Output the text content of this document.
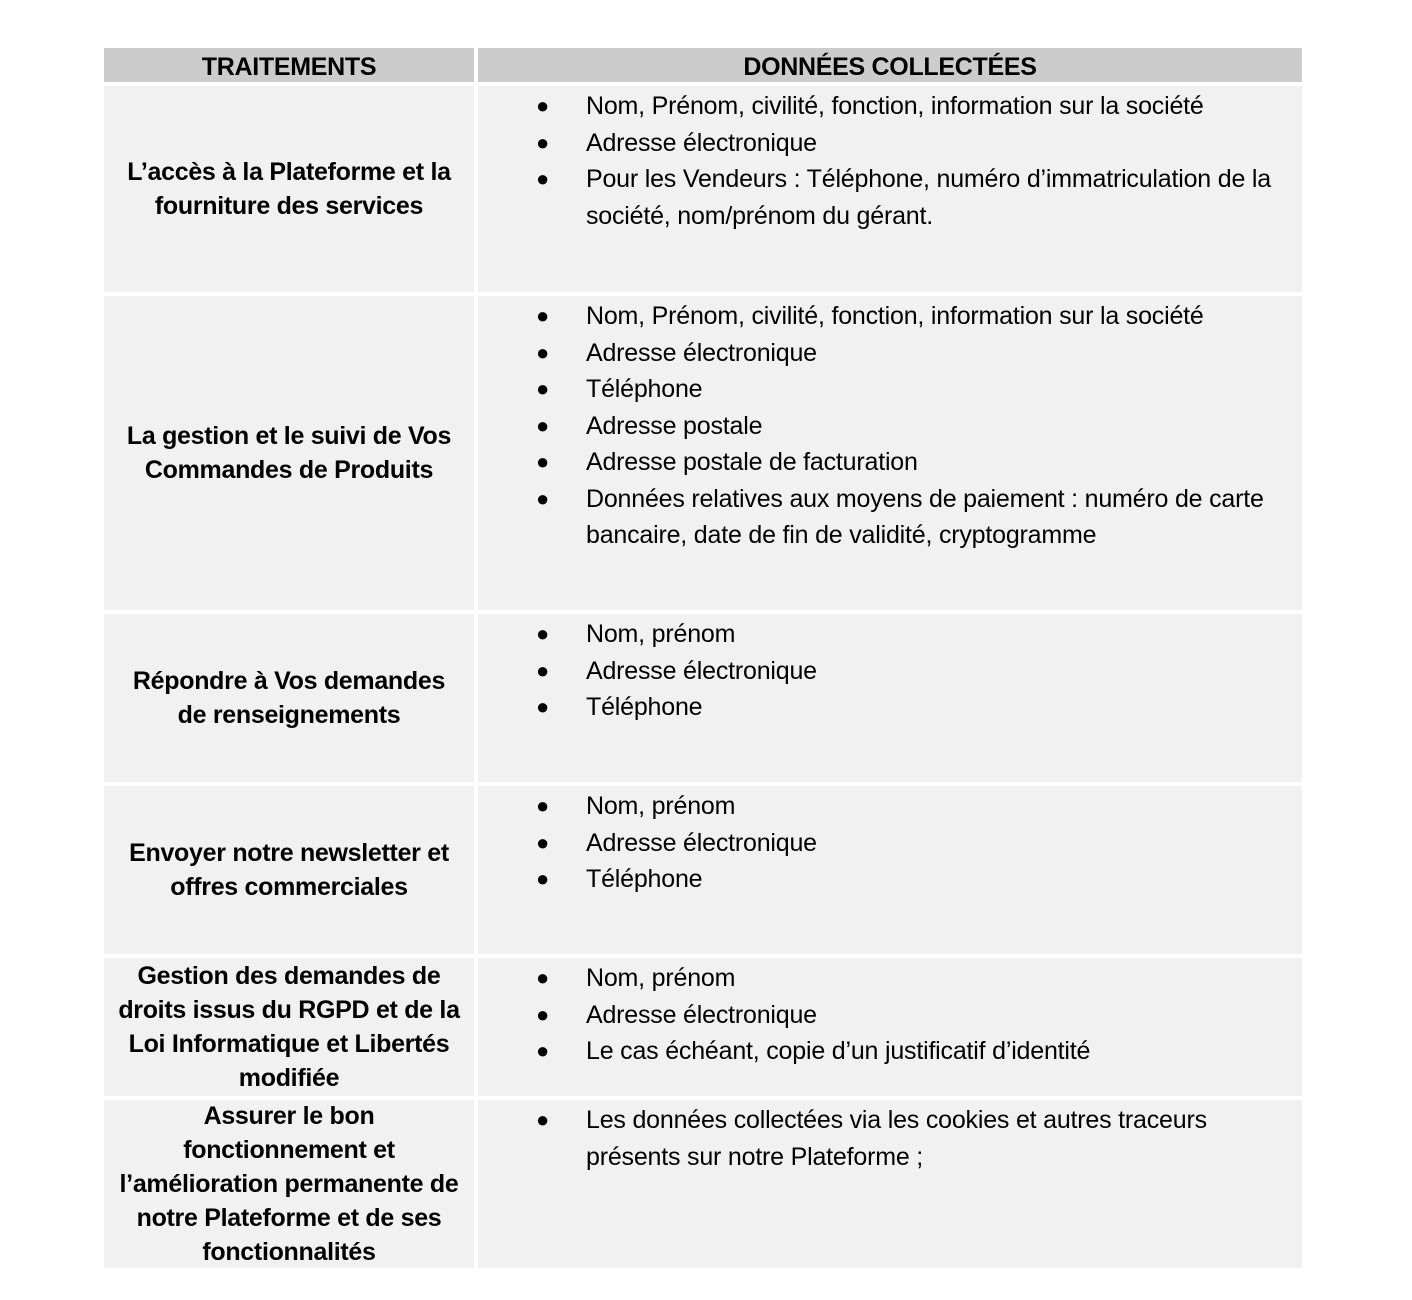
TRAITEMENTS	DONNÉES COLLECTÉES
L’accès à la Plateforme et la fourniture des services
●	Nom, Prénom, civilité, fonction, information sur la société
●	Adresse électronique
●	Pour les Vendeurs : Téléphone, numéro d’immatriculation de la société, nom/prénom du gérant.
La gestion et le suivi de Vos Commandes de Produits
●	Nom, Prénom, civilité, fonction, information sur la société
●	Adresse électronique
●	Téléphone
●	Adresse postale
●	Adresse postale de facturation
●	Données relatives aux moyens de paiement : numéro de carte bancaire, date de fin de validité, cryptogramme
Répondre à Vos demandes de renseignements
●	Nom, prénom
●	Adresse électronique
●	Téléphone
Envoyer notre newsletter et offres commerciales
●	Nom, prénom
●	Adresse électronique
●	Téléphone
Gestion des demandes de droits issus du RGPD et de la Loi Informatique et Libertés modifiée
●	Nom, prénom
●	Adresse électronique
●	Le cas échéant, copie d’un justificatif d’identité
Assurer le bon fonctionnement et l’amélioration permanente de notre Plateforme et de ses fonctionnalités
●	Les données collectées via les cookies et autres traceurs présents sur notre Plateforme ;
